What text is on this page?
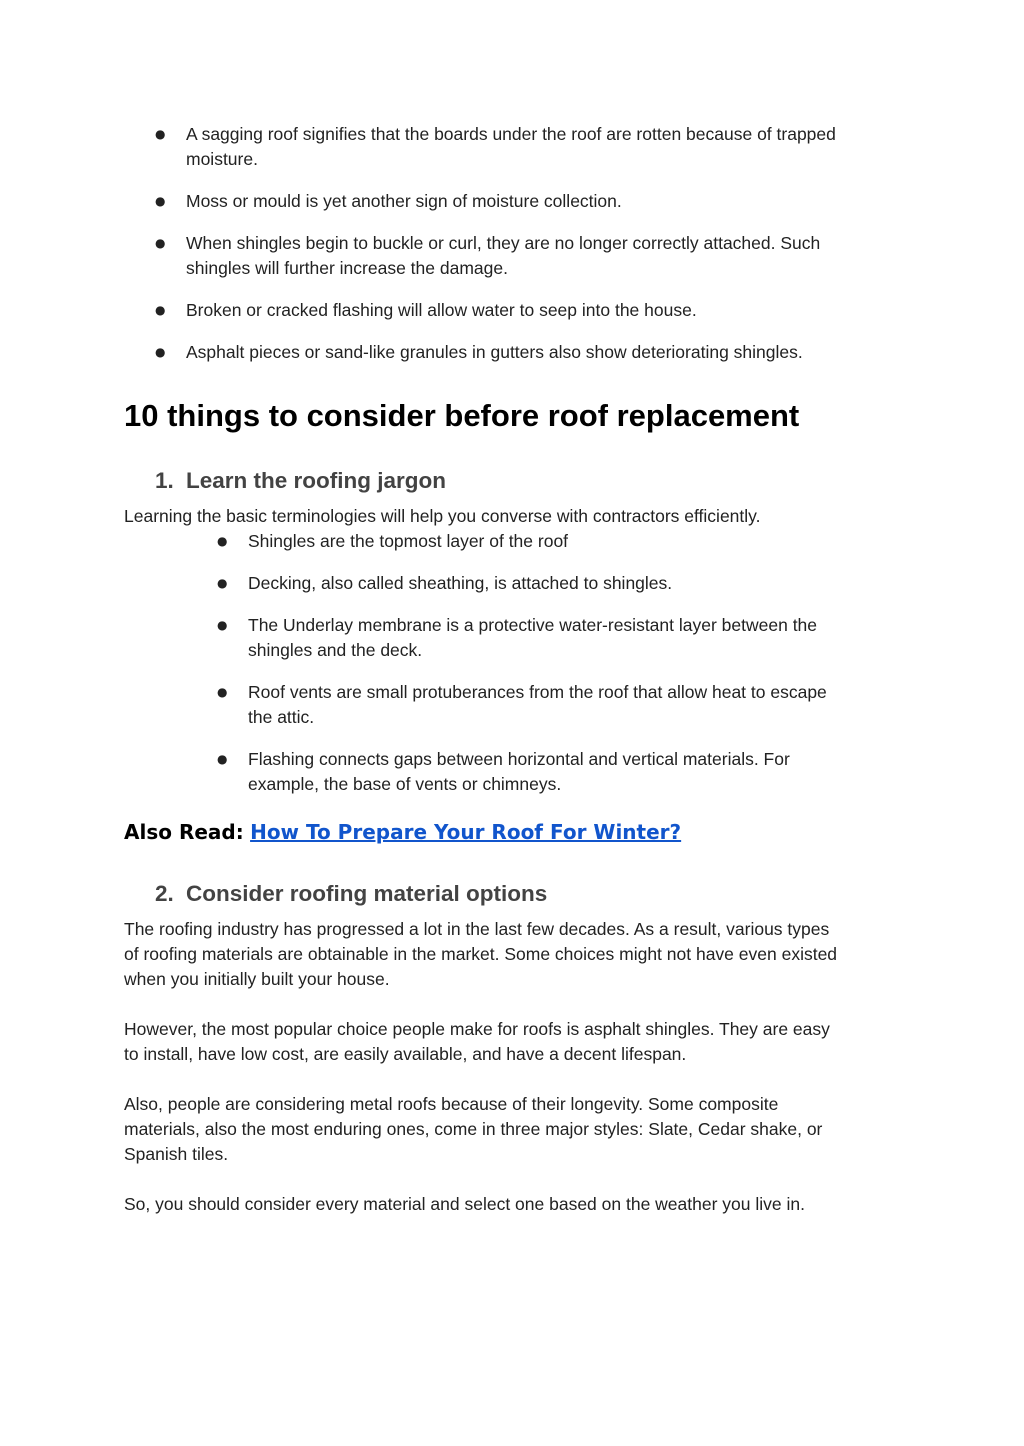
● A sagging roof signifies that the boards under the roof are rotten because of trapped
moisture.
● Moss or mould is yet another sign of moisture collection.
● When shingles begin to buckle or curl, they are no longer correctly attached. Such
shingles will further increase the damage.
● Broken or cracked flashing will allow water to seep into the house.
● Asphalt pieces or sand-like granules in gutters also show deteriorating shingles.
10 things to consider before roof replacement
1. Learn the roofing jargon
Learning the basic terminologies will help you converse with contractors efficiently.
● Shingles are the topmost layer of the roof
● Decking, also called sheathing, is attached to shingles.
● The Underlay membrane is a protective water-resistant layer between the
shingles and the deck.
● Roof vents are small protuberances from the roof that allow heat to escape
the attic.
● Flashing connects gaps between horizontal and vertical materials. For
example, the base of vents or chimneys.
Also Read: How To Prepare Your Roof For Winter?
2. Consider roofing material options
The roofing industry has progressed a lot in the last few decades. As a result, various types
of roofing materials are obtainable in the market. Some choices might not have even existed
when you initially built your house.
However, the most popular choice people make for roofs is asphalt shingles. They are easy
to install, have low cost, are easily available, and have a decent lifespan.
Also, people are considering metal roofs because of their longevity. Some composite
materials, also the most enduring ones, come in three major styles: Slate, Cedar shake, or
Spanish tiles.
So, you should consider every material and select one based on the weather you live in.
